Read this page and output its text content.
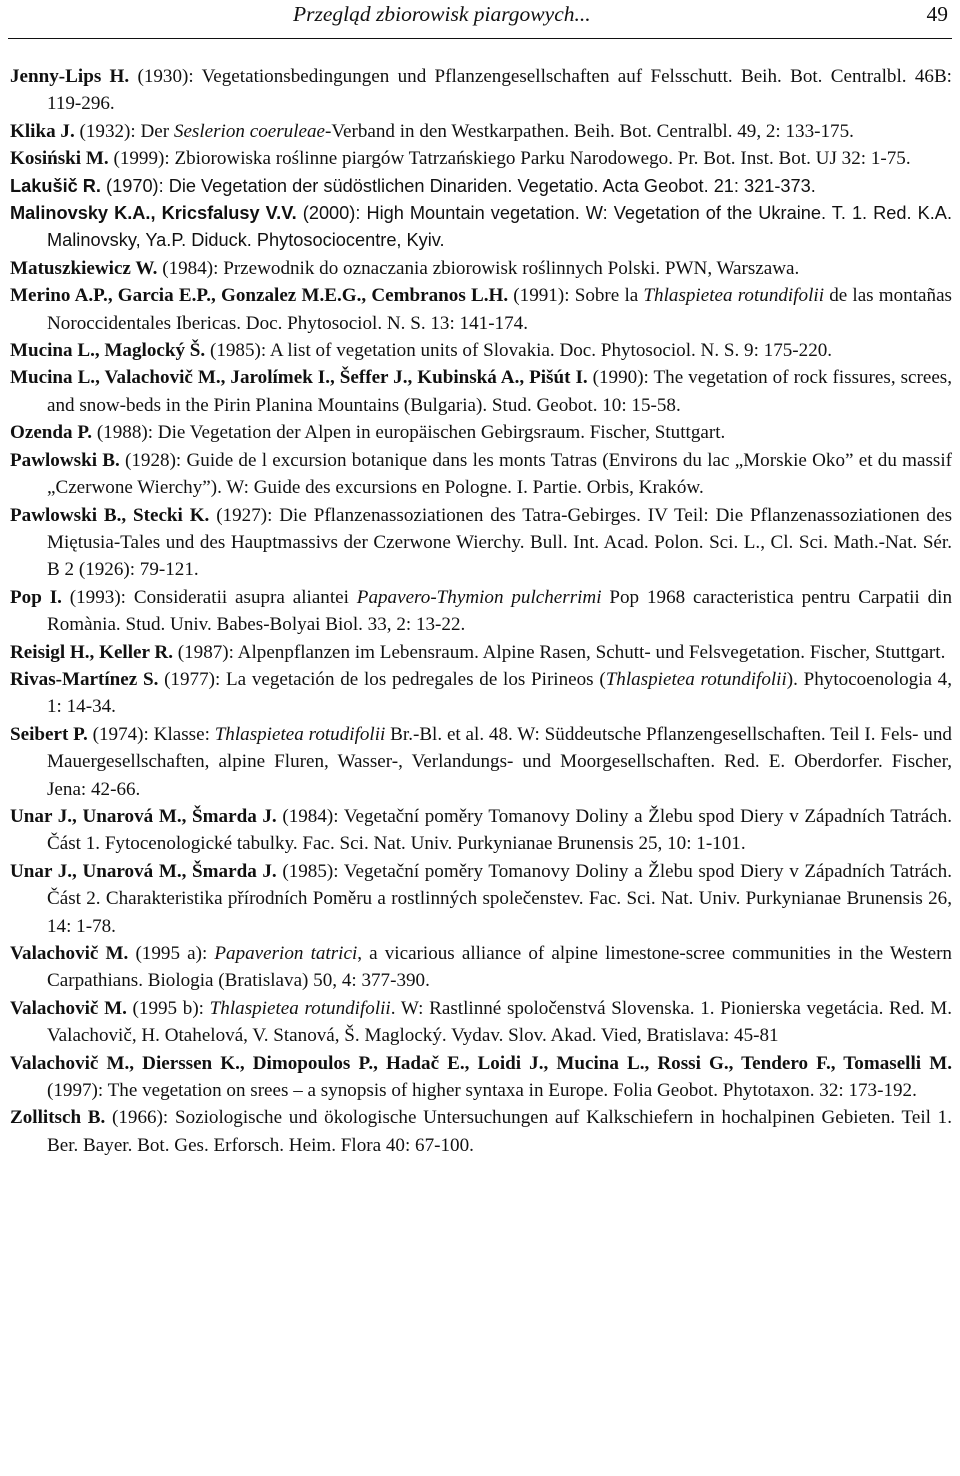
Przegląd zbiorowisk piargowych...	49

Jenny-Lips H. (1930): Vegetationsbedingungen und Pflanzengesellschaften auf Felsschutt. Beih. Bot. Centralbl. 46B: 119-296.

Klika J. (1932): Der Seslerion coeruleae-Verband in den Westkarpathen. Beih. Bot. Centralbl. 49, 2: 133-175.

Kosiński M. (1999): Zbiorowiska roślinne piargów Tatrzańskiego Parku Narodowego. Pr. Bot. Inst. Bot. UJ 32: 1-75.

Lakušič R. (1970): Die Vegetation der südöstlichen Dinariden. Vegetatio. Acta Geobot. 21: 321-373.

Malinovsky K.A., Kricsfalusy V.V. (2000): High Mountain vegetation. W: Vegetation of the Ukraine. T. 1. Red. K.A. Malinovsky, Ya.P. Diduck. Phytosociocentre, Kyiv.

Matuszkiewicz W. (1984): Przewodnik do oznaczania zbiorowisk roślinnych Polski. PWN, Warszawa.

Merino A.P., Garcia E.P., Gonzalez M.E.G., Cembranos L.H. (1991): Sobre la Thlaspietea rotundifolii de las montañas Noroccidentales Ibericas. Doc. Phytosociol. N. S. 13: 141-174.

Mucina L., Maglocký Š. (1985): A list of vegetation units of Slovakia. Doc. Phytosociol. N. S. 9: 175-220.

Mucina L., Valachovič M., Jarolímek I., Šeffer J., Kubinská A., Pišút I. (1990): The vegetation of rock fissures, screes, and snow-beds in the Pirin Planina Mountains (Bulgaria). Stud. Geobot. 10: 15-58.

Ozenda P. (1988): Die Vegetation der Alpen in europäischen Gebirgsraum. Fischer, Stuttgart.

Pawlowski B. (1928): Guide de l excursion botanique dans les monts Tatras (Environs du lac „Morskie Oko” et du massif „Czerwone Wierchy”). W: Guide des excursions en Pologne. I. Partie. Orbis, Kraków.

Pawlowski B., Stecki K. (1927): Die Pflanzenassoziationen des Tatra-Gebirges. IV Teil: Die Pflanzenassoziationen des Miętusia-Tales und des Hauptmassivs der Czerwone Wierchy. Bull. Int. Acad. Polon. Sci. L., Cl. Sci. Math.-Nat. Sér. B 2 (1926): 79-121.

Pop I. (1993): Consideratii asupra aliantei Papavero-Thymion pulcherrimi Pop 1968 caracteristica pentru Carpatii din Romània. Stud. Univ. Babes-Bolyai Biol. 33, 2: 13-22.

Reisigl H., Keller R. (1987): Alpenpflanzen im Lebensraum. Alpine Rasen, Schutt- und Felsvegetation. Fischer, Stuttgart.

Rivas-Martínez S. (1977): La vegetación de los pedregales de los Pirineos (Thlaspietea rotundifolii). Phytocoenologia 4, 1: 14-34.

Seibert P. (1974): Klasse: Thlaspietea rotudifolii Br.-Bl. et al. 48. W: Süddeutsche Pflanzengesellschaften. Teil I. Fels- und Mauergesellschaften, alpine Fluren, Wasser-, Verlandungs- und Moorgesellschaften. Red. E. Oberdorfer. Fischer, Jena: 42-66.

Unar J., Unarová M., Šmarda J. (1984): Vegetační poměry Tomanovy Doliny a Žlebu spod Diery v Západních Tatrách. Část 1. Fytocenologické tabulky. Fac. Sci. Nat. Univ. Purkynianae Brunensis 25, 10: 1-101.

Unar J., Unarová M., Šmarda J. (1985): Vegetační poměry Tomanovy Doliny a Žlebu spod Diery v Západních Tatrách. Část 2. Charakteristika přírodních Poměru a rostlinných společenstev. Fac. Sci. Nat. Univ. Purkynianae Brunensis 26, 14: 1-78.

Valachovič M. (1995 a): Papaverion tatrici, a vicarious alliance of alpine limestone-scree communities in the Western Carpathians. Biologia (Bratislava) 50, 4: 377-390.

Valachovič M. (1995 b): Thlaspietea rotundifolii. W: Rastlinné spoločenstvá Slovenska. 1. Pionierska vegetácia. Red. M. Valachovič, H. Otahelová, V. Stanová, Š. Maglocký. Vydav. Slov. Akad. Vied, Bratislava: 45-81

Valachovič M., Dierssen K., Dimopoulos P., Hadač E., Loidi J., Mucina L., Rossi G., Tendero F., Tomaselli M. (1997): The vegetation on srees – a synopsis of higher syntaxa in Europe. Folia Geobot. Phytotaxon. 32: 173-192.

Zollitsch B. (1966): Soziologische und ökologische Untersuchungen auf Kalkschiefern in hochalpinen Gebieten. Teil 1. Ber. Bayer. Bot. Ges. Erforsch. Heim. Flora 40: 67-100.
